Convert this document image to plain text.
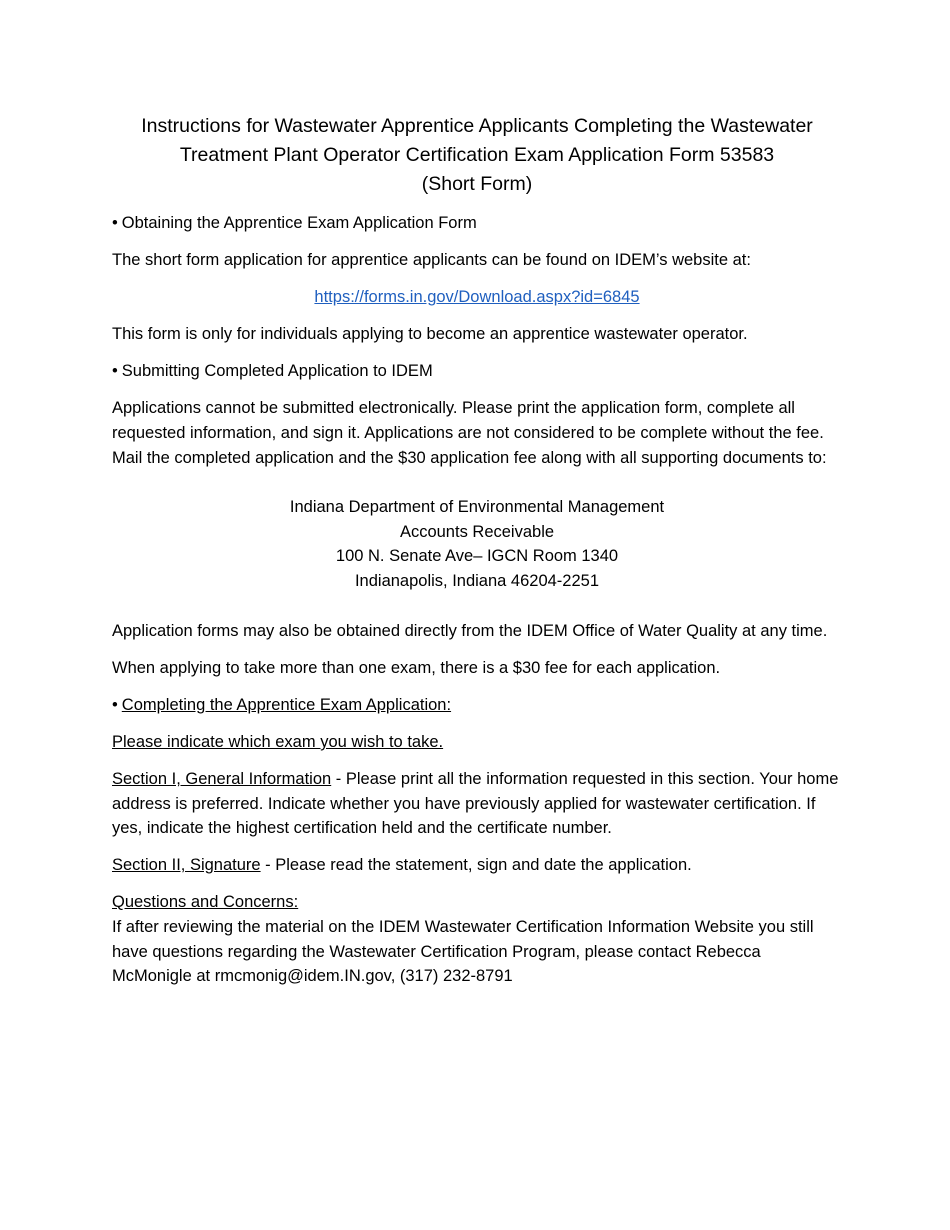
Instructions for Wastewater Apprentice Applicants Completing the Wastewater
Treatment Plant Operator Certification Exam Application Form 53583
(Short Form)

• Obtaining the Apprentice Exam Application Form

The short form application for apprentice applicants can be found on IDEM’s website at:

https://forms.in.gov/Download.aspx?id=6845

This form is only for individuals applying to become an apprentice wastewater operator.

• Submitting Completed Application to IDEM

Applications cannot be submitted electronically. Please print the application form, complete all requested information, and sign it. Applications are not considered to be complete without the fee. Mail the completed application and the $30 application fee along with all supporting documents to:

Indiana Department of Environmental Management
Accounts Receivable
100 N. Senate Ave– IGCN Room 1340
Indianapolis, Indiana 46204-2251

Application forms may also be obtained directly from the IDEM Office of Water Quality at any time.

When applying to take more than one exam, there is a $30 fee for each application.

• Completing the Apprentice Exam Application:

Please indicate which exam you wish to take.

Section I, General Information - Please print all the information requested in this section. Your home address is preferred. Indicate whether you have previously applied for wastewater certification. If yes, indicate the highest certification held and the certificate number.

Section II, Signature - Please read the statement, sign and date the application.

Questions and Concerns:

If after reviewing the material on the IDEM Wastewater Certification Information Website you still have questions regarding the Wastewater Certification Program, please contact Rebecca McMonigle at rmcmonig@idem.IN.gov, (317) 232-8791
